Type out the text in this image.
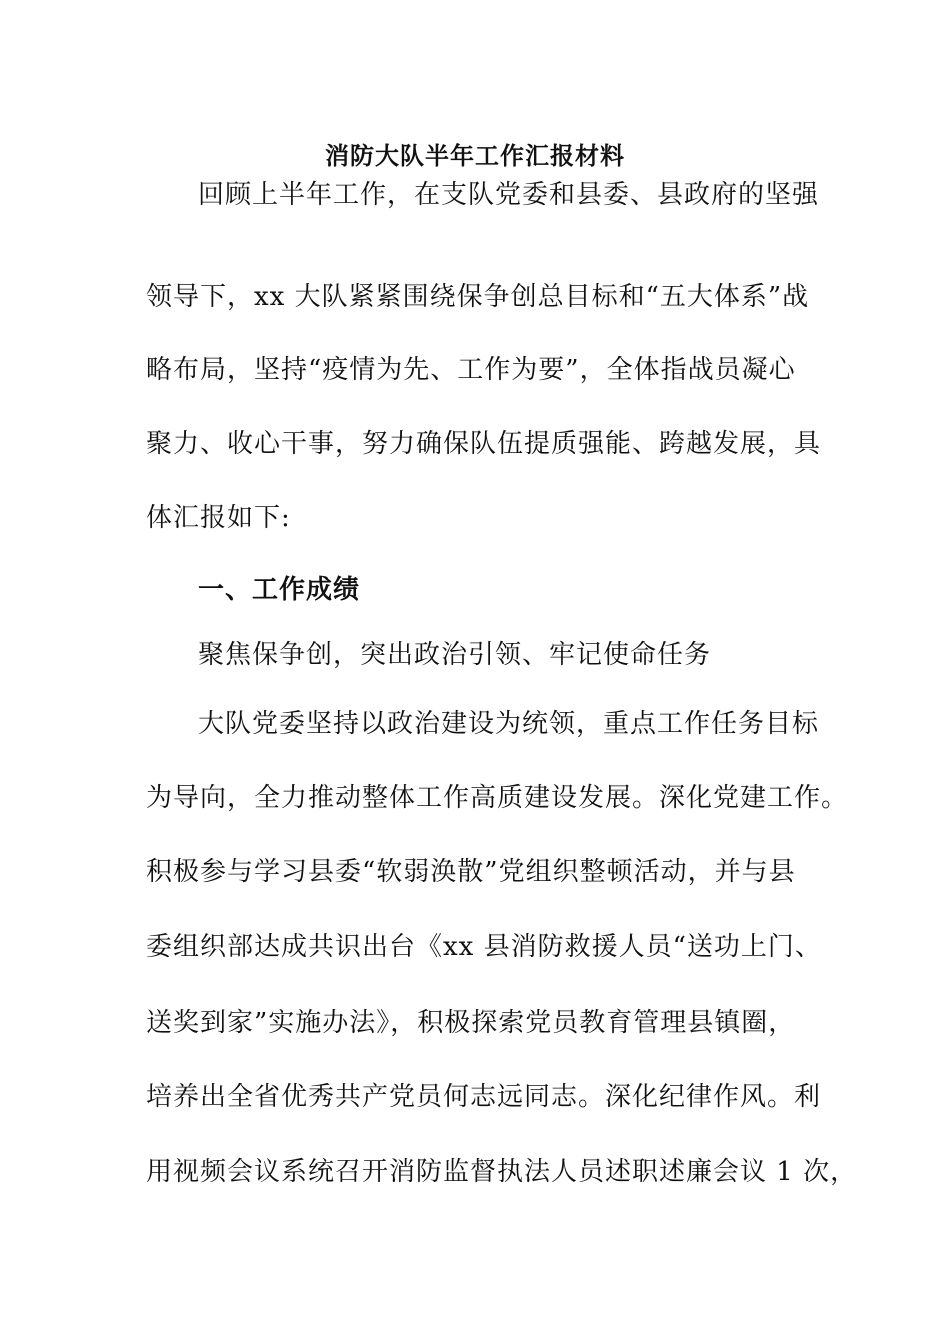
消防大队半年工作汇报材料
回顾上半年工作，在支队党委和县委、县政府的坚强
领导下，xx 大队紧紧围绕保争创总目标和“五大体系”战
略布局，坚持“疫情为先、工作为要”，全体指战员凝心
聚力、收心干事，努力确保队伍提质强能、跨越发展，具
体汇报如下:
一、工作成绩
聚焦保争创，突出政治引领、牢记使命任务
大队党委坚持以政治建设为统领，重点工作任务目标
为导向，全力推动整体工作高质建设发展。深化党建工作。
积极参与学习县委“软弱涣散”党组织整顿活动，并与县
委组织部达成共识出台《xx 县消防救援人员“送功上门、
送奖到家”实施办法》，积极探索党员教育管理县镇圈，
培养出全省优秀共产党员何志远同志。深化纪律作风。利
用视频会议系统召开消防监督执法人员述职述廉会议 1 次，
